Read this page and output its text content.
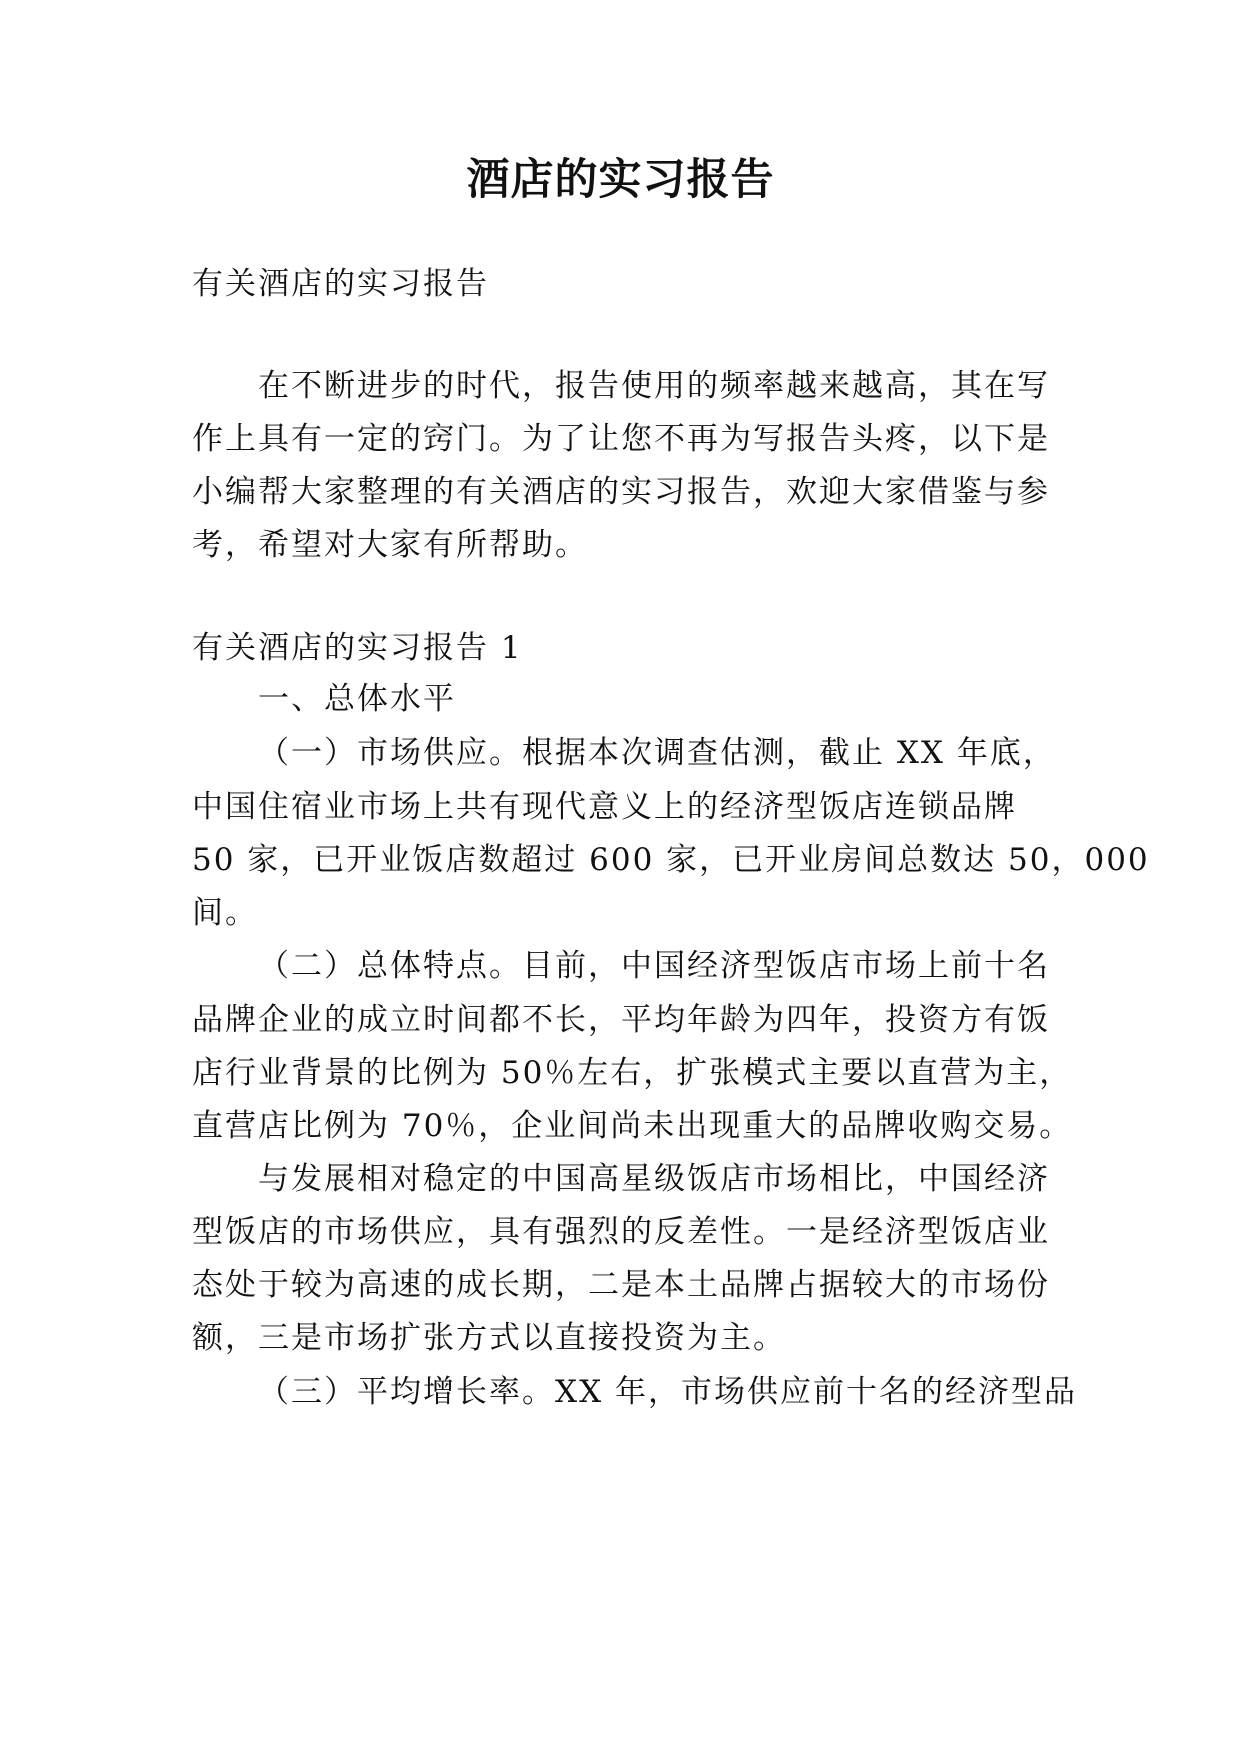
酒店的实习报告
有关酒店的实习报告
在不断进步的时代，报告使用的频率越来越高，其在写
作上具有一定的窍门。为了让您不再为写报告头疼，以下是
小编帮大家整理的有关酒店的实习报告，欢迎大家借鉴与参
考，希望对大家有所帮助。
有关酒店的实习报告 1
一、总体水平
（一）市场供应。根据本次调查估测，截止 XX 年底，
中国住宿业市场上共有现代意义上的经济型饭店连锁品牌
50 家，已开业饭店数超过 600 家，已开业房间总数达 50，000
间。
（二）总体特点。目前，中国经济型饭店市场上前十名
品牌企业的成立时间都不长，平均年龄为四年，投资方有饭
店行业背景的比例为 50％左右，扩张模式主要以直营为主，
直营店比例为 70％，企业间尚未出现重大的品牌收购交易。
与发展相对稳定的中国高星级饭店市场相比，中国经济
型饭店的市场供应，具有强烈的反差性。一是经济型饭店业
态处于较为高速的成长期，二是本土品牌占据较大的市场份
额，三是市场扩张方式以直接投资为主。
（三）平均增长率。XX 年，市场供应前十名的经济型品
